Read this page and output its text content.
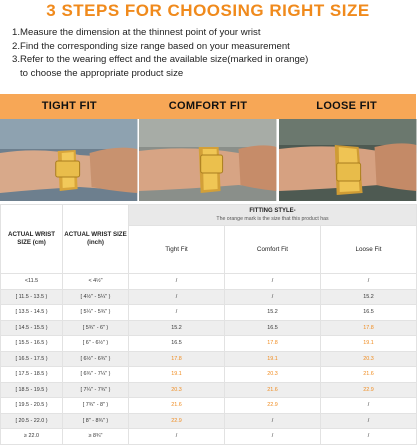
3 STEPS FOR CHOOSING RIGHT SIZE
1.Measure the dimension at the thinnest point of your wrist
2.Find the corresponding size range based on your measurement
3.Refer to the wearing effect and the available size(marked in orange)
to choose the appropriate product size
TIGHT FIT	COMFORT FIT	LOOSE FIT
ACTUAL WRIST SIZE (cm)	ACTUAL WRIST SIZE (inch)	FITTING STYLE-
The orange mark is the size that this product has		

		Tight Fit	Comfort Fit	Loose Fit
<11.5	< 4½"	/	/	/
[ 11.5 - 13.5 )	[ 4½" - 5¼" )	/	/	15.2
[ 13.5 - 14.5 )	[ 5¼" - 5¾" )	/	15.2	16.5
[ 14.5 - 15.5 )	[ 5¾" - 6" )	15.2	16.5	17.8
[ 15.5 - 16.5 )	[ 6" - 6½" )	16.5	17.8	19.1
[ 16.5 - 17.5 )	[ 6½" - 6¾" )	17.8	19.1	20.3
[ 17.5 - 18.5 )	[ 6¾" - 7¼" )	19.1	20.3	21.6
[ 18.5 - 19.5 )	[ 7¼" - 7¾" )	20.3	21.6	22.9
[ 19.5 - 20.5 )	[ 7¾" - 8" )	21.6	22.9	/
[ 20.5 - 22.0 )	[ 8" - 8¾" )	22.9	/	/
≥ 22.0	≥ 8¾"	/	/	/
